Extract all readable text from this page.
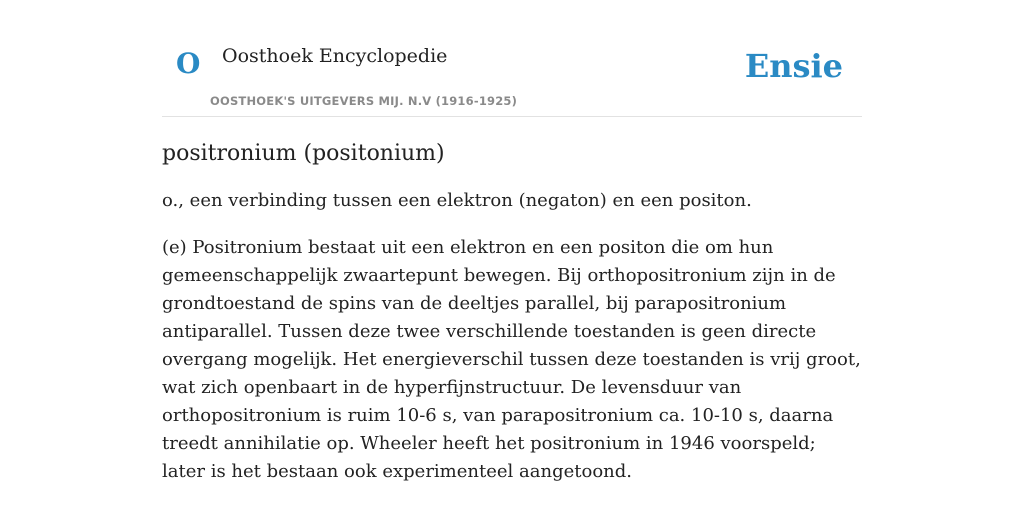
O Oosthoek Encyclopedie
OOSTHOEK'S UITGEVERS MIJ. N.V (1916-1925)
Ensie
positronium (positonium)

o., een verbinding tussen een elektron (negaton) en een positon.

(e) Positronium bestaat uit een elektron en een positon die om hun gemeenschappelijk zwaartepunt bewegen. Bij orthopositronium zijn in de grondtoestand de spins van de deeltjes parallel, bij parapositronium antiparallel. Tussen deze twee verschillende toestanden is geen directe overgang mogelijk. Het energieverschil tussen deze toestanden is vrij groot, wat zich openbaart in de hyperfijnstructuur. De levensduur van orthopositronium is ruim 10-6 s, van parapositronium ca. 10-10 s, daarna treedt annihilatie op. Wheeler heeft het positronium in 1946 voorspeld; later is het bestaan ook experimenteel aangetoond.
